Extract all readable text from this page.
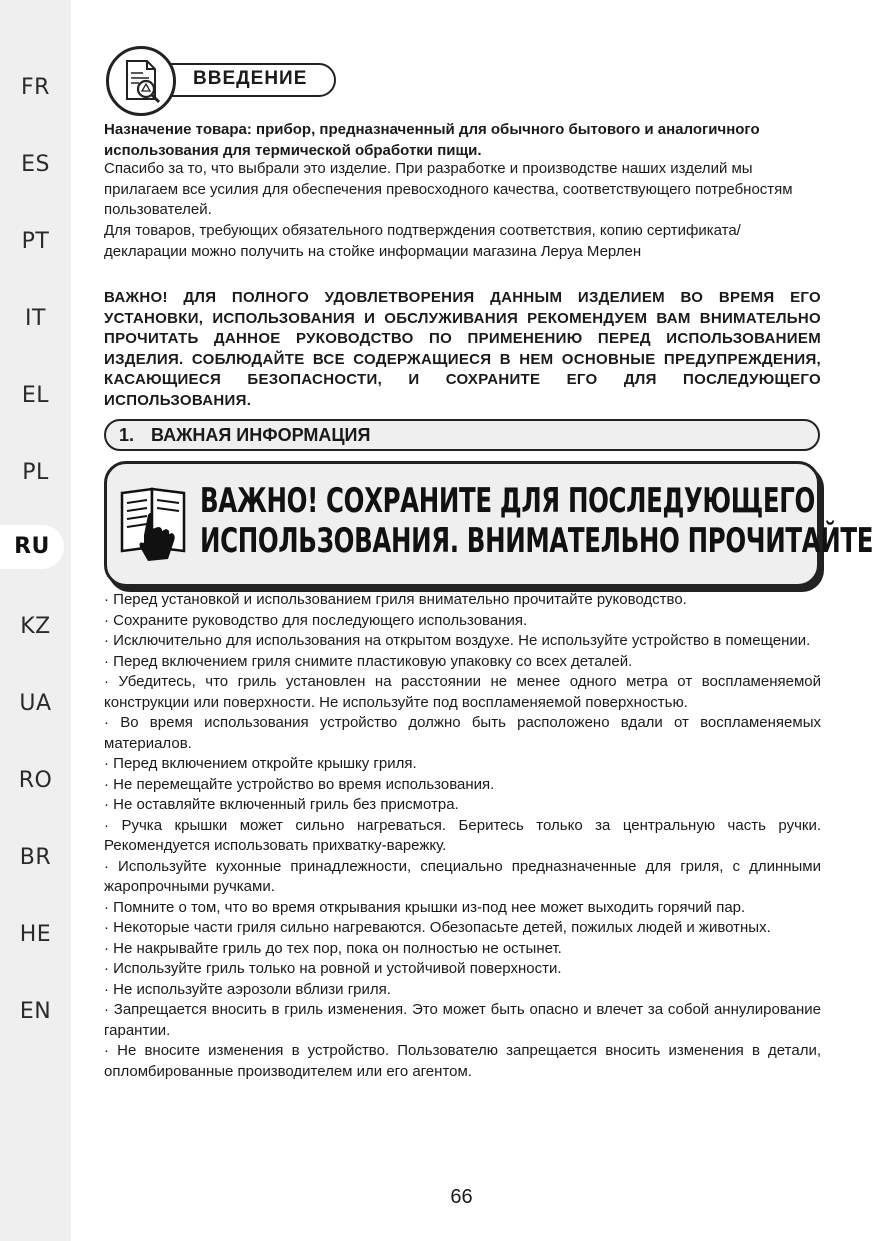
FR
ES
PT
IT
EL
PL
RU
KZ
UA
RO
BR
HE
EN
ВВЕДЕНИЕ

Назначение товара: прибор, предназначенный для обычного бытового и аналогичного использования для термической обработки пищи.

Спасибо за то, что выбрали это изделие. При разработке и производстве наших изделий мы прилагаем все усилия для обеспечения превосходного качества, соответствующего потребностям пользователей.

Для товаров, требующих обязательного подтверждения соответствия, копию сертификата/декларации можно получить на стойке информации магазина Леруа Мерлен

ВАЖНО! ДЛЯ ПОЛНОГО УДОВЛЕТВОРЕНИЯ ДАННЫМ ИЗДЕЛИЕМ ВО ВРЕМЯ ЕГО УСТАНОВКИ, ИСПОЛЬЗОВАНИЯ И ОБСЛУЖИВАНИЯ РЕКОМЕНДУЕМ ВАМ ВНИМАТЕЛЬНО ПРОЧИТАТЬ ДАННОЕ РУКОВОДСТВО ПО ПРИМЕНЕНИЮ ПЕРЕД ИСПОЛЬЗОВАНИЕМ ИЗДЕЛИЯ. СОБЛЮДАЙТЕ ВСЕ СОДЕРЖАЩИЕСЯ В НЕМ ОСНОВНЫЕ ПРЕДУПРЕЖДЕНИЯ, КАСАЮЩИЕСЯ БЕЗОПАСНОСТИ, И СОХРАНИТЕ ЕГО ДЛЯ ПОСЛЕДУЮЩЕГО ИСПОЛЬЗОВАНИЯ.

1. ВАЖНАЯ ИНФОРМАЦИЯ
ВАЖНО! СОХРАНИТЕ ДЛЯ ПОСЛЕДУЮЩЕГО
ИСПОЛЬЗОВАНИЯ. ВНИМАТЕЛЬНО ПРОЧИТАЙТЕ

· Перед установкой и использованием гриля внимательно прочитайте руководство.

· Сохраните руководство для последующего использования.

· Исключительно для использования на открытом воздухе. Не используйте устройство в помещении.

· Перед включением гриля снимите пластиковую упаковку со всех деталей.

· Убедитесь, что гриль установлен на расстоянии не менее одного метра от воспламеняемой конструкции или поверхности. Не используйте под воспламеняемой поверхностью.

· Во время использования устройство должно быть расположено вдали от воспламеняемых материалов.

· Перед включением откройте крышку гриля.

· Не перемещайте устройство во время использования.

· Не оставляйте включенный гриль без присмотра.

· Ручка крышки может сильно нагреваться. Беритесь только за центральную часть ручки. Рекомендуется использовать прихватку-варежку.

· Используйте кухонные принадлежности, специально предназначенные для гриля, с длинными жаропрочными ручками.

· Помните о том, что во время открывания крышки из-под нее может выходить горячий пар.

· Некоторые части гриля сильно нагреваются. Обезопасьте детей, пожилых людей и животных.

· Не накрывайте гриль до тех пор, пока он полностью не остынет.

· Используйте гриль только на ровной и устойчивой поверхности.

· Не используйте аэрозоли вблизи гриля.

· Запрещается вносить в гриль изменения. Это может быть опасно и влечет за собой аннулирование гарантии.

· Не вносите изменения в устройство. Пользователю запрещается вносить изменения в детали, опломбированные производителем или его агентом.

66
